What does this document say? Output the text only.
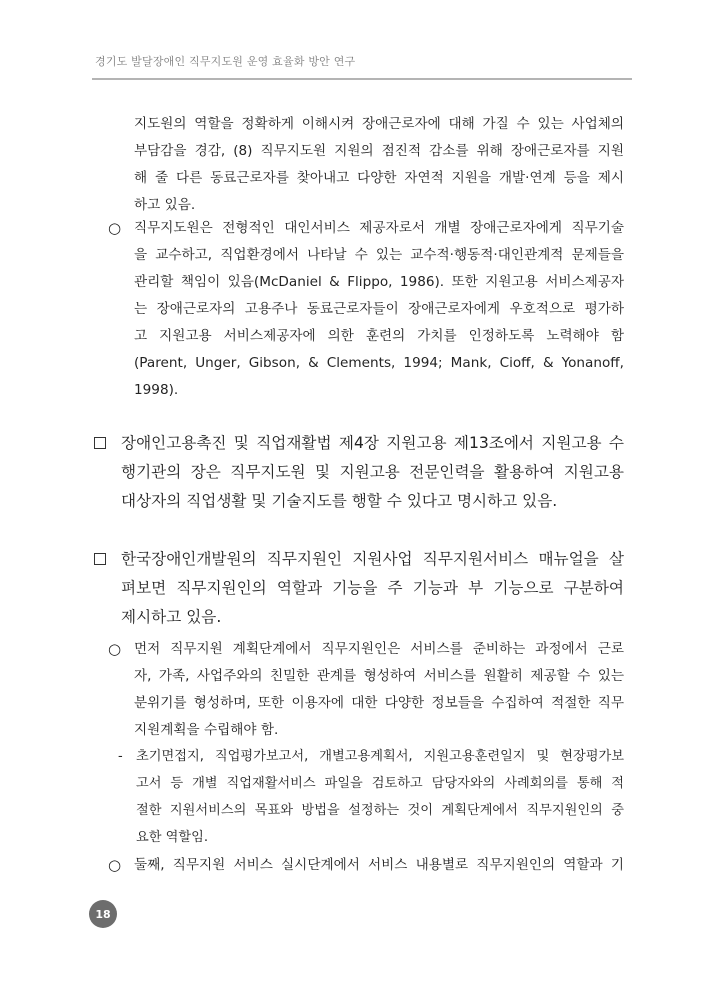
경기도 발달장애인 직무지도원 운영 효율화 방안 연구
지도원의 역할을 정확하게 이해시켜 장애근로자에 대해 가질 수 있는 사업체의
부담감을 경감, (8) 직무지도원 지원의 점진적 감소를 위해 장애근로자를 지원
해 줄 다른 동료근로자를 찾아내고 다양한 자연적 지원을 개발·연계 등을 제시
하고 있음.
○ 직무지도원은 전형적인 대인서비스 제공자로서 개별 장애근로자에게 직무기술
을 교수하고, 직업환경에서 나타날 수 있는 교수적·행동적·대인관계적 문제들을
관리할 책임이 있음(McDaniel & Flippo, 1986). 또한 지원고용 서비스제공자
는 장애근로자의 고용주나 동료근로자들이 장애근로자에게 우호적으로 평가하
고 지원고용 서비스제공자에 의한 훈련의 가치를 인정하도록 노력해야 함
(Parent, Unger, Gibson, & Clements, 1994; Mank, Cioff, & Yonanoff,
1998).
장애인고용촉진 및 직업재활법 제4장 지원고용 제13조에서 지원고용 수
행기관의 장은 직무지도원 및 지원고용 전문인력을 활용하여 지원고용
대상자의 직업생활 및 기술지도를 행할 수 있다고 명시하고 있음.
한국장애인개발원의 직무지원인 지원사업 직무지원서비스 매뉴얼을 살
펴보면 직무지원인의 역할과 기능을 주 기능과 부 기능으로 구분하여
제시하고 있음.
○ 먼저 직무지원 계획단계에서 직무지원인은 서비스를 준비하는 과정에서 근로
자, 가족, 사업주와의 친밀한 관계를 형성하여 서비스를 원활히 제공할 수 있는
분위기를 형성하며, 또한 이용자에 대한 다양한 정보들을 수집하여 적절한 직무
지원계획을 수립해야 함.
- 초기면접지, 직업평가보고서, 개별고용계획서, 지원고용훈련일지 및 현장평가보
고서 등 개별 직업재활서비스 파일을 검토하고 담당자와의 사례회의를 통해 적
절한 지원서비스의 목표와 방법을 설정하는 것이 계획단계에서 직무지원인의 중
요한 역할임.
○ 둘째, 직무지원 서비스 실시단계에서 서비스 내용별로 직무지원인의 역할과 기
18
